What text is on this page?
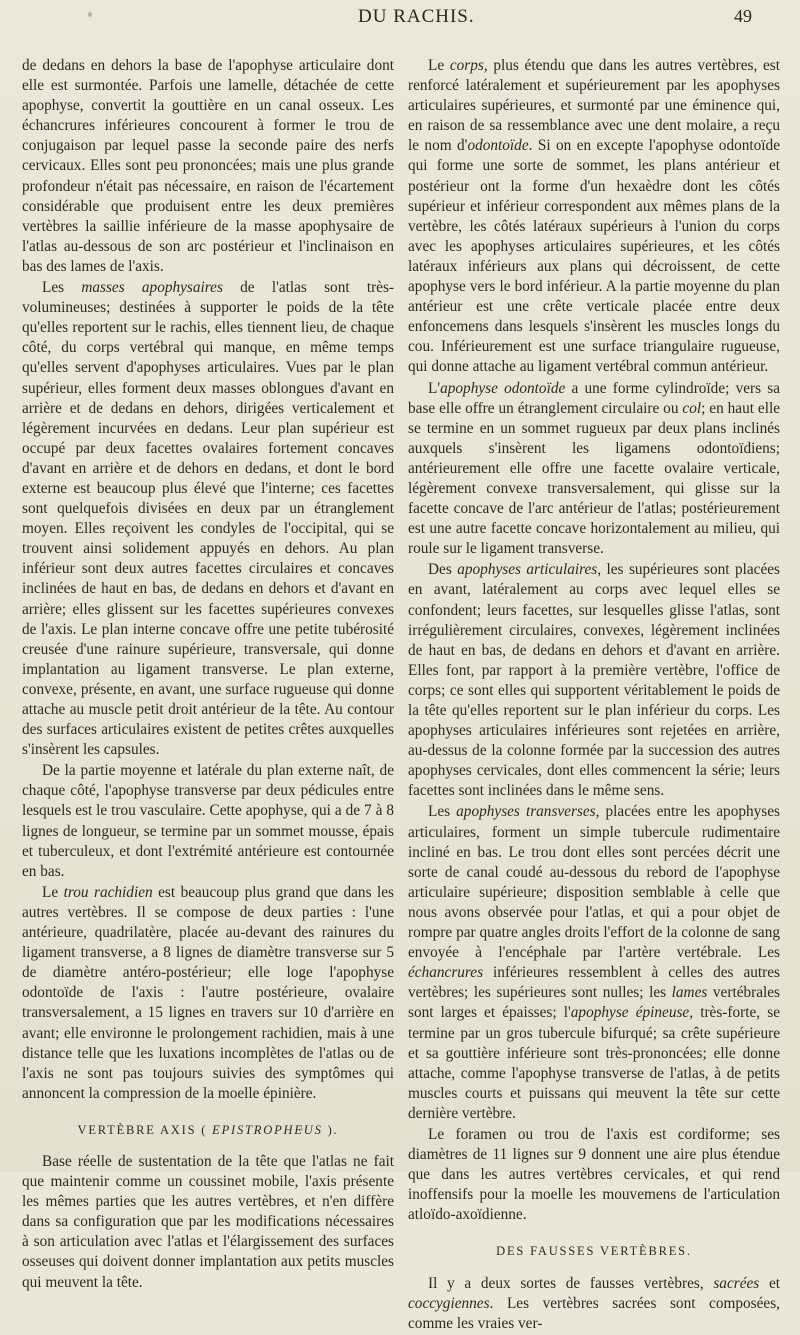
DU RACHIS.	49

de dedans en dehors la base de l'apophyse articulaire dont elle est surmontée. Parfois une lamelle, détachée de cette apophyse, convertit la gouttière en un canal osseux. Les échancrures inférieures concourent à former le trou de conjugaison par lequel passe la seconde paire des nerfs cervicaux. Elles sont peu prononcées; mais une plus grande profondeur n'était pas nécessaire, en raison de l'écartement considérable que produisent entre les deux premières vertèbres la saillie inférieure de la masse apophysaire de l'atlas au-dessous de son arc postérieur et l'inclinaison en bas des lames de l'axis.

Les masses apophysaires de l'atlas sont très-volumineuses; destinées à supporter le poids de la tête qu'elles reportent sur le rachis, elles tiennent lieu, de chaque côté, du corps vertébral qui manque, en même temps qu'elles servent d'apophyses articulaires. Vues par le plan supérieur, elles forment deux masses oblongues d'avant en arrière et de dedans en dehors, dirigées verticalement et légèrement incurvées en dedans. Leur plan supérieur est occupé par deux facettes ovalaires fortement concaves d'avant en arrière et de dehors en dedans, et dont le bord externe est beaucoup plus élevé que l'interne; ces facettes sont quelquefois divisées en deux par un étranglement moyen. Elles reçoivent les condyles de l'occipital, qui se trouvent ainsi solidement appuyés en dehors. Au plan inférieur sont deux autres facettes circulaires et concaves inclinées de haut en bas, de dedans en dehors et d'avant en arrière; elles glissent sur les facettes supérieures convexes de l'axis. Le plan interne concave offre une petite tubérosité creusée d'une rainure supérieure, transversale, qui donne implantation au ligament transverse. Le plan externe, convexe, présente, en avant, une surface rugueuse qui donne attache au muscle petit droit antérieur de la tête. Au contour des surfaces articulaires existent de petites crêtes auxquelles s'insèrent les capsules.

De la partie moyenne et latérale du plan externe naît, de chaque côté, l'apophyse transverse par deux pédicules entre lesquels est le trou vasculaire. Cette apophyse, qui a de 7 à 8 lignes de longueur, se termine par un sommet mousse, épais et tuberculeux, et dont l'extrémité antérieure est contournée en bas.

Le trou rachidien est beaucoup plus grand que dans les autres vertèbres. Il se compose de deux parties : l'une antérieure, quadrilatère, placée au-devant des rainures du ligament transverse, a 8 lignes de diamètre transverse sur 5 de diamètre antéro-postérieur; elle loge l'apophyse odontoïde de l'axis : l'autre postérieure, ovalaire transversalement, a 15 lignes en travers sur 10 d'arrière en avant; elle environne le prolongement rachidien, mais à une distance telle que les luxations incomplètes de l'atlas ou de l'axis ne sont pas toujours suivies des symptômes qui annoncent la compression de la moelle épinière.

VERTÈBRE AXIS ( EPISTROPHEUS ).

Base réelle de sustentation de la tête que l'atlas ne fait que maintenir comme un coussinet mobile, l'axis présente les mêmes parties que les autres vertèbres, et n'en diffère dans sa configuration que par les modifications nécessaires à son articulation avec l'atlas et l'élargissement des surfaces osseuses qui doivent donner implantation aux petits muscles qui meuvent la tête.

Le corps, plus étendu que dans les autres vertèbres, est renforcé latéralement et supérieurement par les apophyses articulaires supérieures, et surmonté par une éminence qui, en raison de sa ressemblance avec une dent molaire, a reçu le nom d'odontoïde. Si on en excepte l'apophyse odontoïde qui forme une sorte de sommet, les plans antérieur et postérieur ont la forme d'un hexaèdre dont les côtés supérieur et inférieur correspondent aux mêmes plans de la vertèbre, les côtés latéraux supérieurs à l'union du corps avec les apophyses articulaires supérieures, et les côtés latéraux inférieurs aux plans qui décroissent, de cette apophyse vers le bord inférieur. A la partie moyenne du plan antérieur est une crête verticale placée entre deux enfoncemens dans lesquels s'insèrent les muscles longs du cou. Inférieurement est une surface triangulaire rugueuse, qui donne attache au ligament vertébral commun antérieur.

L'apophyse odontoïde a une forme cylindroïde; vers sa base elle offre un étranglement circulaire ou col; en haut elle se termine en un sommet rugueux par deux plans inclinés auxquels s'insèrent les ligamens odontoïdiens; antérieurement elle offre une facette ovalaire verticale, légèrement convexe transversalement, qui glisse sur la facette concave de l'arc antérieur de l'atlas; postérieurement est une autre facette concave horizontalement au milieu, qui roule sur le ligament transverse.

Des apophyses articulaires, les supérieures sont placées en avant, latéralement au corps avec lequel elles se confondent; leurs facettes, sur lesquelles glisse l'atlas, sont irrégulièrement circulaires, convexes, légèrement inclinées de haut en bas, de dedans en dehors et d'avant en arrière. Elles font, par rapport à la première vertèbre, l'office de corps; ce sont elles qui supportent véritablement le poids de la tête qu'elles reportent sur le plan inférieur du corps. Les apophyses articulaires inférieures sont rejetées en arrière, au-dessus de la colonne formée par la succession des autres apophyses cervicales, dont elles commencent la série; leurs facettes sont inclinées dans le même sens.

Les apophyses transverses, placées entre les apophyses articulaires, forment un simple tubercule rudimentaire incliné en bas. Le trou dont elles sont percées décrit une sorte de canal coudé au-dessous du rebord de l'apophyse articulaire supérieure; disposition semblable à celle que nous avons observée pour l'atlas, et qui a pour objet de rompre par quatre angles droits l'effort de la colonne de sang envoyée à l'encéphale par l'artère vertébrale. Les échancrures inférieures ressemblent à celles des autres vertèbres; les supérieures sont nulles; les lames vertébrales sont larges et épaisses; l'apophyse épineuse, très-forte, se termine par un gros tubercule bifurqué; sa crête supérieure et sa gouttière inférieure sont très-prononcées; elle donne attache, comme l'apophyse transverse de l'atlas, à de petits muscles courts et puissans qui meuvent la tête sur cette dernière vertèbre.

Le foramen ou trou de l'axis est cordiforme; ses diamètres de 11 lignes sur 9 donnent une aire plus étendue que dans les autres vertèbres cervicales, et qui rend inoffensifs pour la moelle les mouvemens de l'articulation atloïdo-axoïdienne.

DES FAUSSES VERTÈBRES.

Il y a deux sortes de fausses vertèbres, sacrées et coccygiennes. Les vertèbres sacrées sont composées, comme les vraies ver-
